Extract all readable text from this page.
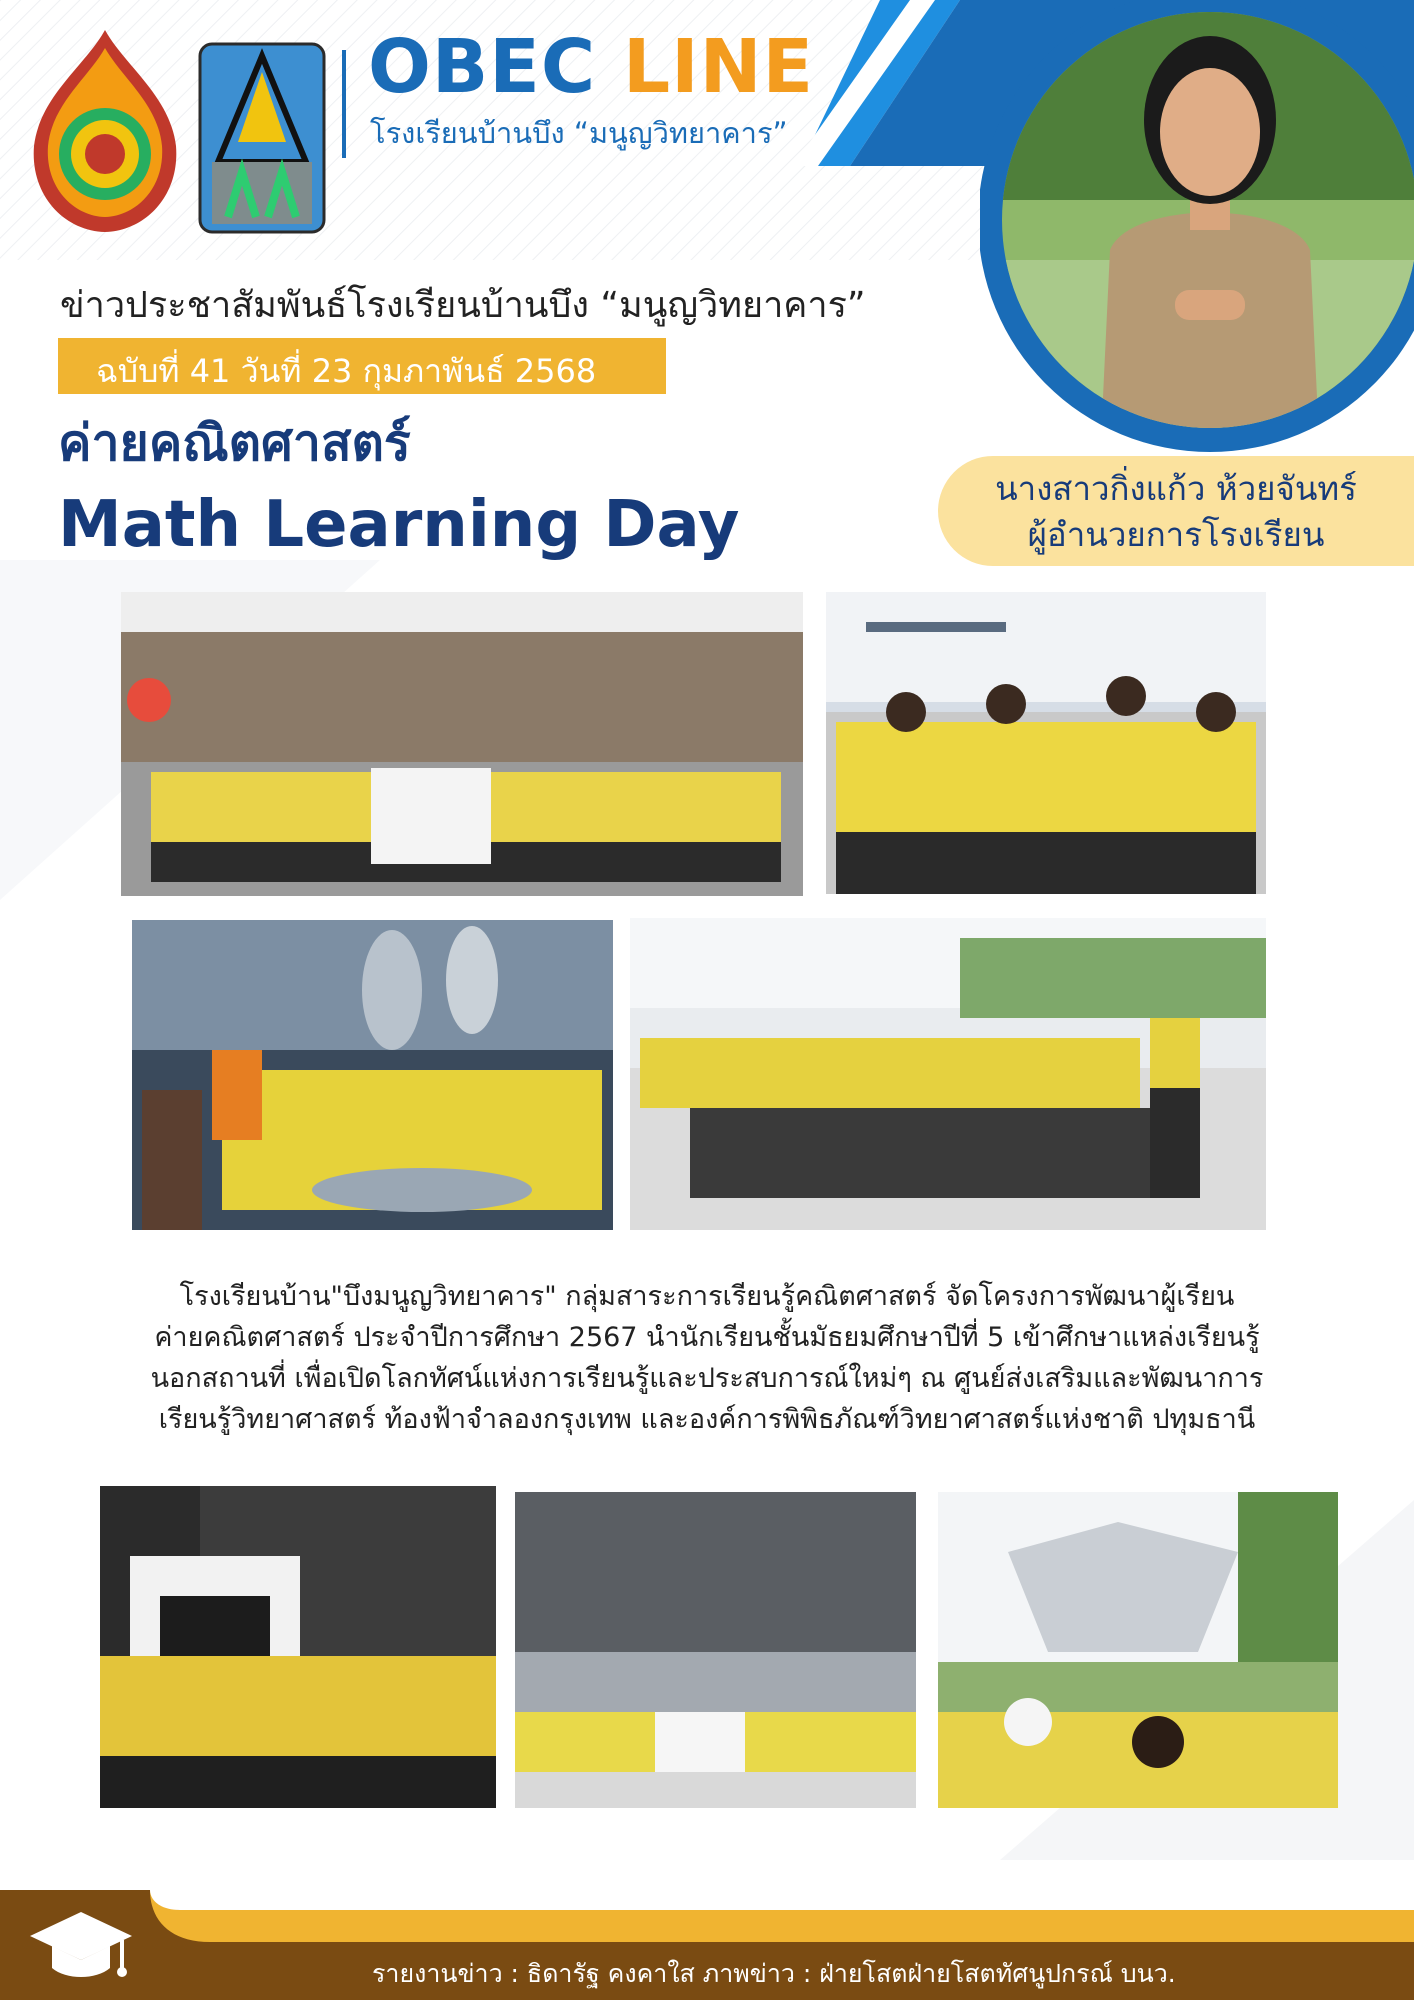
OBEC LINE
โรงเรียนบ้านบึง “มนูญวิทยาคาร”
ข่าวประชาสัมพันธ์โรงเรียนบ้านบึง “มนูญวิทยาคาร”
ฉบับที่ 41 วันที่ 23 กุมภาพันธ์ 2568
ค่ายคณิตศาสตร์
Math Learning Day	นางสาวกิ่งแก้ว ห้วยจันทร์
ผู้อำนวยการโรงเรียน
โรงเรียนบ้าน"บึงมนูญวิทยาคาร" กลุ่มสาระการเรียนรู้คณิตศาสตร์ จัดโครงการพัฒนาผู้เรียน
ค่ายคณิตศาสตร์ ประจำปีการศึกษา 2567 นำนักเรียนชั้นมัธยมศึกษาปีที่ 5 เข้าศึกษาแหล่งเรียนรู้
นอกสถานที่ เพื่อเปิดโลกทัศน์แห่งการเรียนรู้และประสบการณ์ใหม่ๆ ณ ศูนย์ส่งเสริมและพัฒนาการ
เรียนรู้วิทยาศาสตร์ ท้องฟ้าจำลองกรุงเทพ และองค์การพิพิธภัณฑ์วิทยาศาสตร์แห่งชาติ ปทุมธานี
รายงานข่าว : ธิดารัฐ คงคาใส ภาพข่าว : ฝ่ายโสตฝ่ายโสตทัศนูปกรณ์ บนว.
